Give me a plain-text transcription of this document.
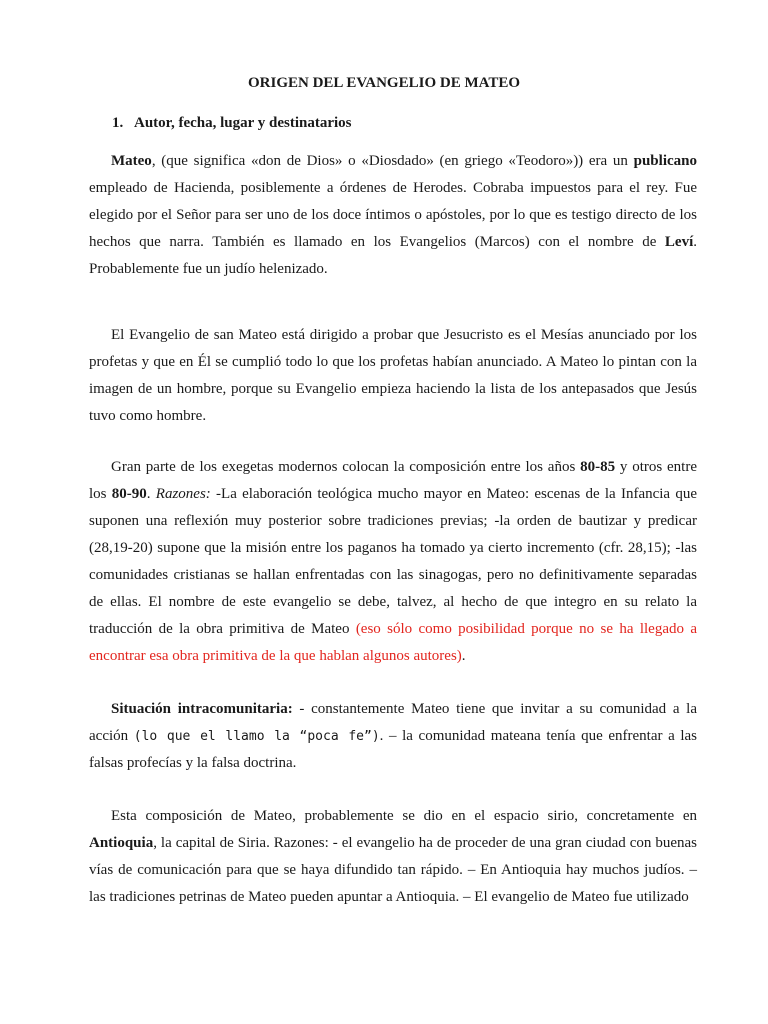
ORIGEN DEL EVANGELIO DE MATEO
1. Autor, fecha, lugar y destinatarios

Mateo, (que significa «don de Dios» o «Diosdado» (en griego «Teodoro»)) era un publicano empleado de Hacienda, posiblemente a órdenes de Herodes. Cobraba impuestos para el rey. Fue elegido por el Señor para ser uno de los doce íntimos o apóstoles, por lo que es testigo directo de los hechos que narra. También es llamado en los Evangelios (Marcos) con el nombre de Leví. Probablemente fue un judío helenizado.

El Evangelio de san Mateo está dirigido a probar que Jesucristo es el Mesías anunciado por los profetas y que en Él se cumplió todo lo que los profetas habían anunciado. A Mateo lo pintan con la imagen de un hombre, porque su Evangelio empieza haciendo la lista de los antepasados que Jesús tuvo como hombre.

Gran parte de los exegetas modernos colocan la composición entre los años 80-85 y otros entre los 80-90. Razones: -La elaboración teológica mucho mayor en Mateo: escenas de la Infancia que suponen una reflexión muy posterior sobre tradiciones previas; -la orden de bautizar y predicar (28,19-20) supone que la misión entre los paganos ha tomado ya cierto incremento (cfr. 28,15); -las comunidades cristianas se hallan enfrentadas con las sinagogas, pero no definitivamente separadas de ellas. El nombre de este evangelio se debe, talvez, al hecho de que integro en su relato la traducción de la obra primitiva de Mateo (eso sólo como posibilidad porque no se ha llegado a encontrar esa obra primitiva de la que hablan algunos autores).

Situación intracomunitaria: - constantemente Mateo tiene que invitar a su comunidad a la acción (lo que el llamo la “poca fe”). – la comunidad mateana tenía que enfrentar a las falsas profecías y la falsa doctrina.

Esta composición de Mateo, probablemente se dio en el espacio sirio, concretamente en Antioquia, la capital de Siria. Razones: - el evangelio ha de proceder de una gran ciudad con buenas vías de comunicación para que se haya difundido tan rápido. – En Antioquia hay muchos judíos. – las tradiciones petrinas de Mateo pueden apuntar a Antioquia. – El evangelio de Mateo fue utilizado
